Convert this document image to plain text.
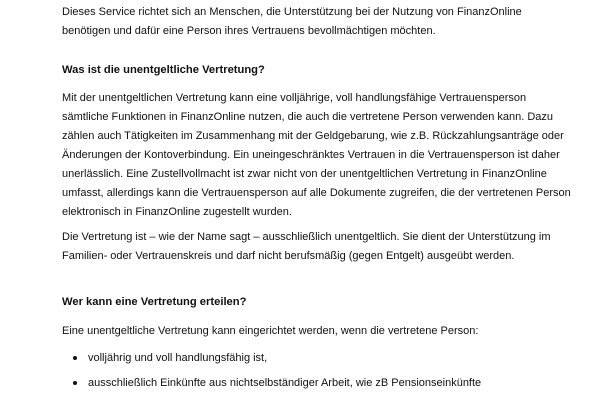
Dieses Service richtet sich an Menschen, die Unterstützung bei der Nutzung von FinanzOnline benötigen und dafür eine Person ihres Vertrauens bevollmächtigen möchten.

Was ist die unentgeltliche Vertretung?

Mit der unentgeltlichen Vertretung kann eine volljährige, voll handlungsfähige Vertrauensperson sämtliche Funktionen in FinanzOnline nutzen, die auch die vertretene Person verwenden kann. Dazu zählen auch Tätigkeiten im Zusammenhang mit der Geldgebarung, wie z.B. Rückzahlungsanträge oder Änderungen der Kontoverbindung. Ein uneingeschränktes Vertrauen in die Vertrauensperson ist daher unerlässlich. Eine Zustellvollmacht ist zwar nicht von der unentgeltlichen Vertretung in FinanzOnline umfasst, allerdings kann die Vertrauensperson auf alle Dokumente zugreifen, die der vertretenen Person elektronisch in FinanzOnline zugestellt wurden.

Die Vertretung ist – wie der Name sagt – ausschließlich unentgeltlich. Sie dient der Unterstützung im Familien- oder Vertrauenskreis und darf nicht berufsmäßig (gegen Entgelt) ausgeübt werden.

Wer kann eine Vertretung erteilen?

Eine unentgeltliche Vertretung kann eingerichtet werden, wenn die vertretene Person:

volljährig und voll handlungsfähig ist,
ausschließlich Einkünfte aus nichtselbständiger Arbeit, wie zB Pensionseinkünfte
